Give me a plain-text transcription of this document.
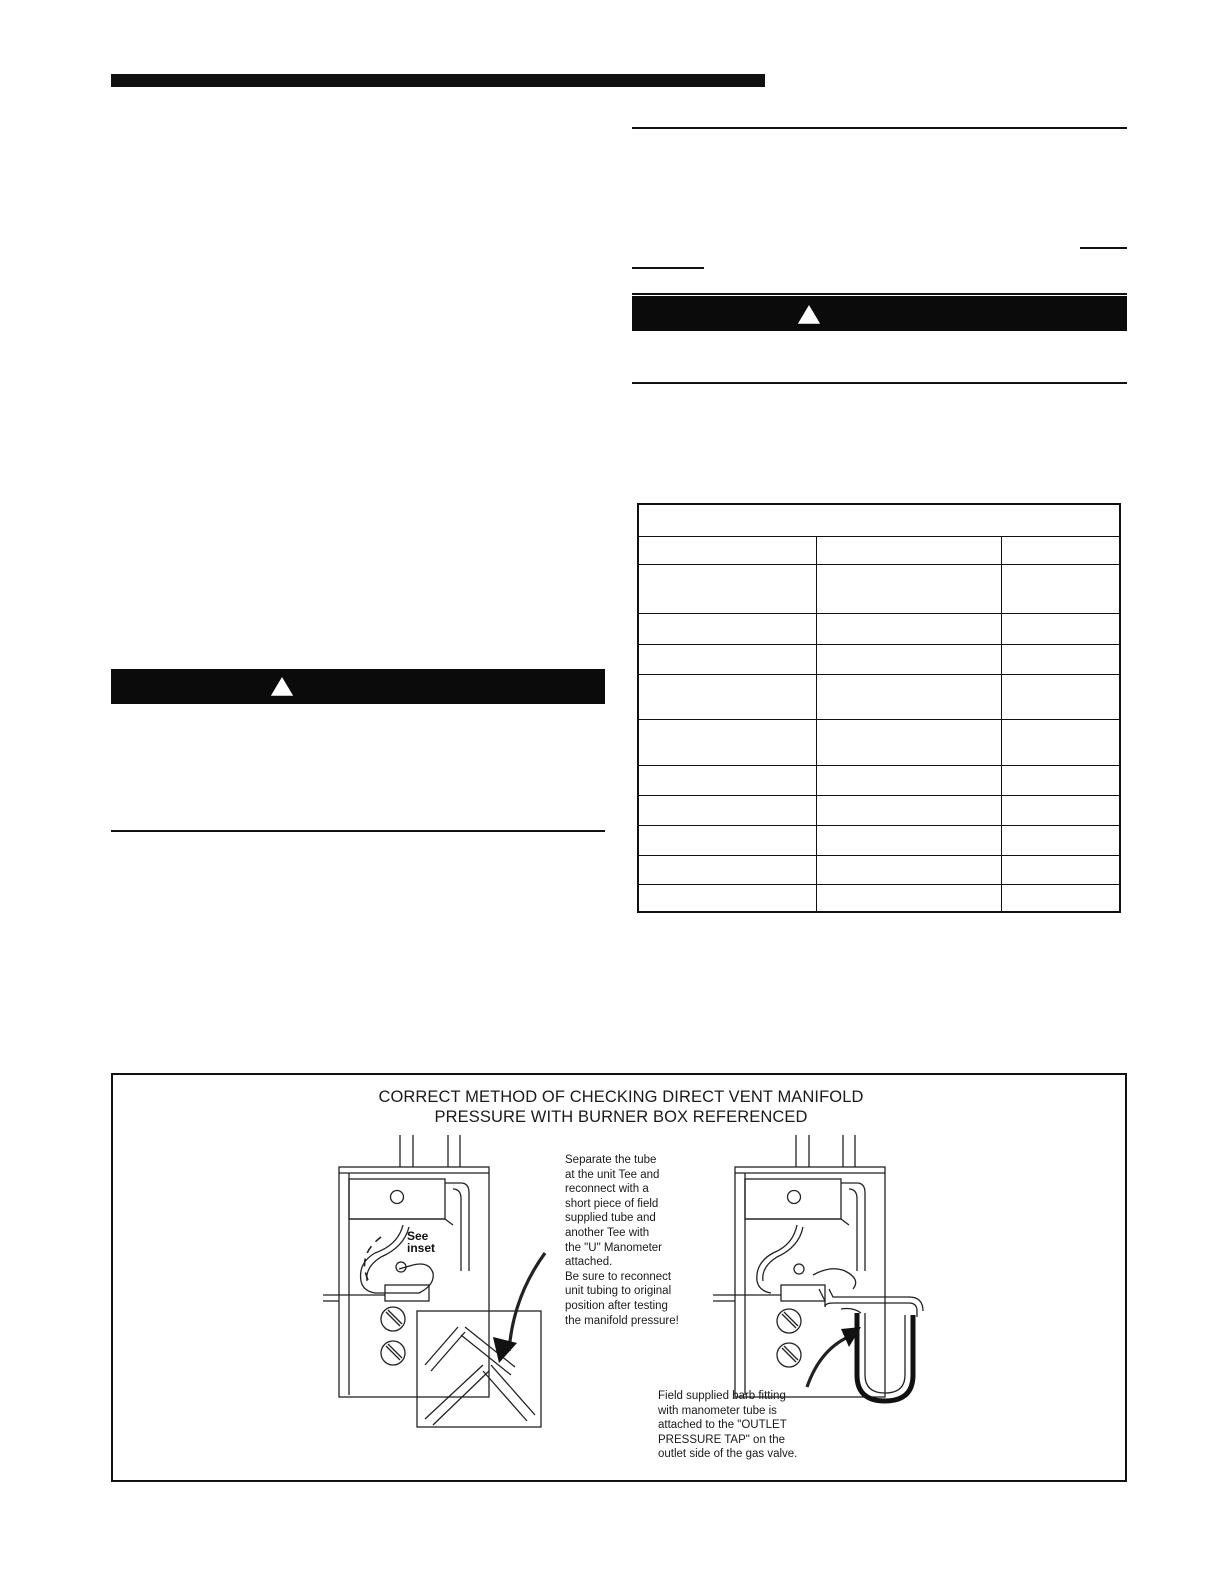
CORRECT METHOD OF CHECKING DIRECT VENT MANIFOLD
PRESSURE WITH BURNER BOX REFERENCED
See
inset
Separate the tube
at the unit Tee and
reconnect with a
short piece of field
supplied tube and
another Tee with
the "U" Manometer
attached.
Be sure to reconnect
unit tubing to original
position after testing
the manifold pressure!
Field supplied barb fitting
with manometer tube is
attached to the "OUTLET
PRESSURE TAP" on the
outlet side of the gas valve.
